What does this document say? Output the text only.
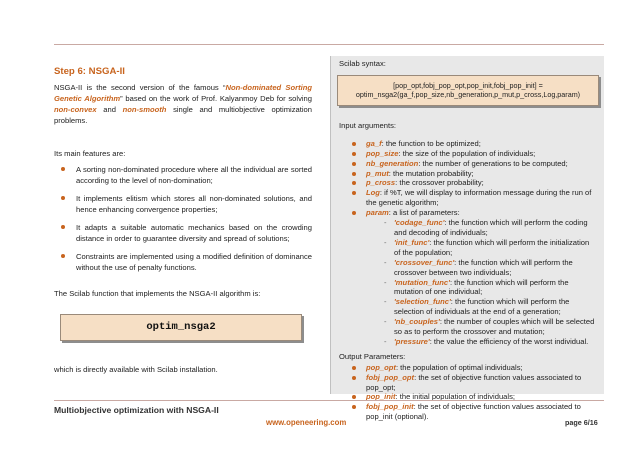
Step 6: NSGA-II
NSGA-II is the second version of the famous “Non-dominated Sorting Genetic Algorithm” based on the work of Prof. Kalyanmoy Deb for solving non-convex and non-smooth single and multiobjective optimization problems.
Its main features are:
A sorting non-dominated procedure where all the individual are sorted according to the level of non-domination;
It implements elitism which stores all non-dominated solutions, and hence enhancing convergence properties;
It adapts a suitable automatic mechanics based on the crowding distance in order to guarantee diversity and spread of solutions;
Constraints are implemented using a modified definition of dominance without the use of penalty functions.
The Scilab function that implements the NSGA-II algorithm is:
optim_nsga2
which is directly available with Scilab installation.
Scilab syntax:
[pop_opt,fobj_pop_opt,pop_init,fobj_pop_init] =
optim_nsga2(ga_f,pop_size,nb_generation,p_mut,p_cross,Log,param)
Input arguments:
ga_f: the function to be optimized;
pop_size: the size of the population of individuals;
nb_generation: the number of generations to be computed;
p_mut: the mutation probability;
p_cross: the crossover probability;
Log: if %T, we will display to information message during the run of the genetic algorithm;
param: a list of parameters:
- 'codage_func': the function which will perform the coding and decoding of individuals;
- 'init_func': the function which will perform the initialization of the population;
- 'crossover_func': the function which will perform the crossover between two individuals;
- 'mutation_func': the function which will perform the mutation of one individual;
- 'selection_func': the function which will perform the selection of individuals at the end of a generation;
- 'nb_couples': the number of couples which will be selected so as to perform the crossover and mutation;
- 'pressure': the value the efficiency of the worst individual.
Output Parameters:
pop_opt: the population of optimal individuals;
fobj_pop_opt: the set of objective function values associated to pop_opt;
pop_init: the initial population of individuals;
fobj_pop_init: the set of objective function values associated to pop_init (optional).
Multiobjective optimization with NSGA-II
www.openeering.com	page 6/16
